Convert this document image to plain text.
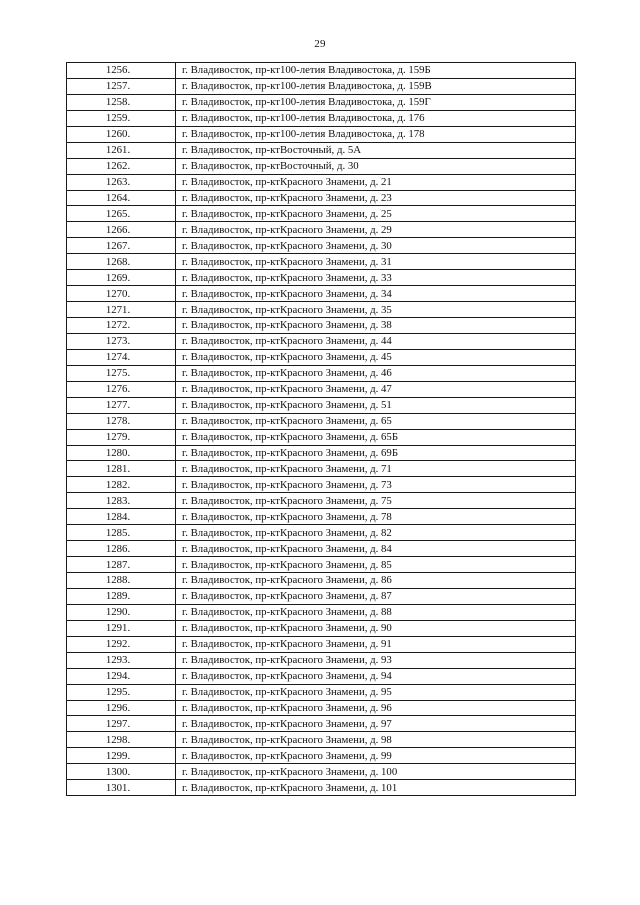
29
1256.	г. Владивосток, пр-кт100-летия Владивостока, д. 159Б
1257.	г. Владивосток, пр-кт100-летия Владивостока, д. 159В
1258.	г. Владивосток, пр-кт100-летия Владивостока, д. 159Г
1259.	г. Владивосток, пр-кт100-летия Владивостока, д. 176
1260.	г. Владивосток, пр-кт100-летия Владивостока, д. 178
1261.	г. Владивосток, пр-ктВосточный, д. 5А
1262.	г. Владивосток, пр-ктВосточный, д. 30
1263.	г. Владивосток, пр-ктКрасного Знамени, д. 21
1264.	г. Владивосток, пр-ктКрасного Знамени, д. 23
1265.	г. Владивосток, пр-ктКрасного Знамени, д. 25
1266.	г. Владивосток, пр-ктКрасного Знамени, д. 29
1267.	г. Владивосток, пр-ктКрасного Знамени, д. 30
1268.	г. Владивосток, пр-ктКрасного Знамени, д. 31
1269.	г. Владивосток, пр-ктКрасного Знамени, д. 33
1270.	г. Владивосток, пр-ктКрасного Знамени, д. 34
1271.	г. Владивосток, пр-ктКрасного Знамени, д. 35
1272.	г. Владивосток, пр-ктКрасного Знамени, д. 38
1273.	г. Владивосток, пр-ктКрасного Знамени, д. 44
1274.	г. Владивосток, пр-ктКрасного Знамени, д. 45
1275.	г. Владивосток, пр-ктКрасного Знамени, д. 46
1276.	г. Владивосток, пр-ктКрасного Знамени, д. 47
1277.	г. Владивосток, пр-ктКрасного Знамени, д. 51
1278.	г. Владивосток, пр-ктКрасного Знамени, д. 65
1279.	г. Владивосток, пр-ктКрасного Знамени, д. 65Б
1280.	г. Владивосток, пр-ктКрасного Знамени, д. 69Б
1281.	г. Владивосток, пр-ктКрасного Знамени, д. 71
1282.	г. Владивосток, пр-ктКрасного Знамени, д. 73
1283.	г. Владивосток, пр-ктКрасного Знамени, д. 75
1284.	г. Владивосток, пр-ктКрасного Знамени, д. 78
1285.	г. Владивосток, пр-ктКрасного Знамени, д. 82
1286.	г. Владивосток, пр-ктКрасного Знамени, д. 84
1287.	г. Владивосток, пр-ктКрасного Знамени, д. 85
1288.	г. Владивосток, пр-ктКрасного Знамени, д. 86
1289.	г. Владивосток, пр-ктКрасного Знамени, д. 87
1290.	г. Владивосток, пр-ктКрасного Знамени, д. 88
1291.	г. Владивосток, пр-ктКрасного Знамени, д. 90
1292.	г. Владивосток, пр-ктКрасного Знамени, д. 91
1293.	г. Владивосток, пр-ктКрасного Знамени, д. 93
1294.	г. Владивосток, пр-ктКрасного Знамени, д. 94
1295.	г. Владивосток, пр-ктКрасного Знамени, д. 95
1296.	г. Владивосток, пр-ктКрасного Знамени, д. 96
1297.	г. Владивосток, пр-ктКрасного Знамени, д. 97
1298.	г. Владивосток, пр-ктКрасного Знамени, д. 98
1299.	г. Владивосток, пр-ктКрасного Знамени, д. 99
1300.	г. Владивосток, пр-ктКрасного Знамени, д. 100
1301.	г. Владивосток, пр-ктКрасного Знамени, д. 101
